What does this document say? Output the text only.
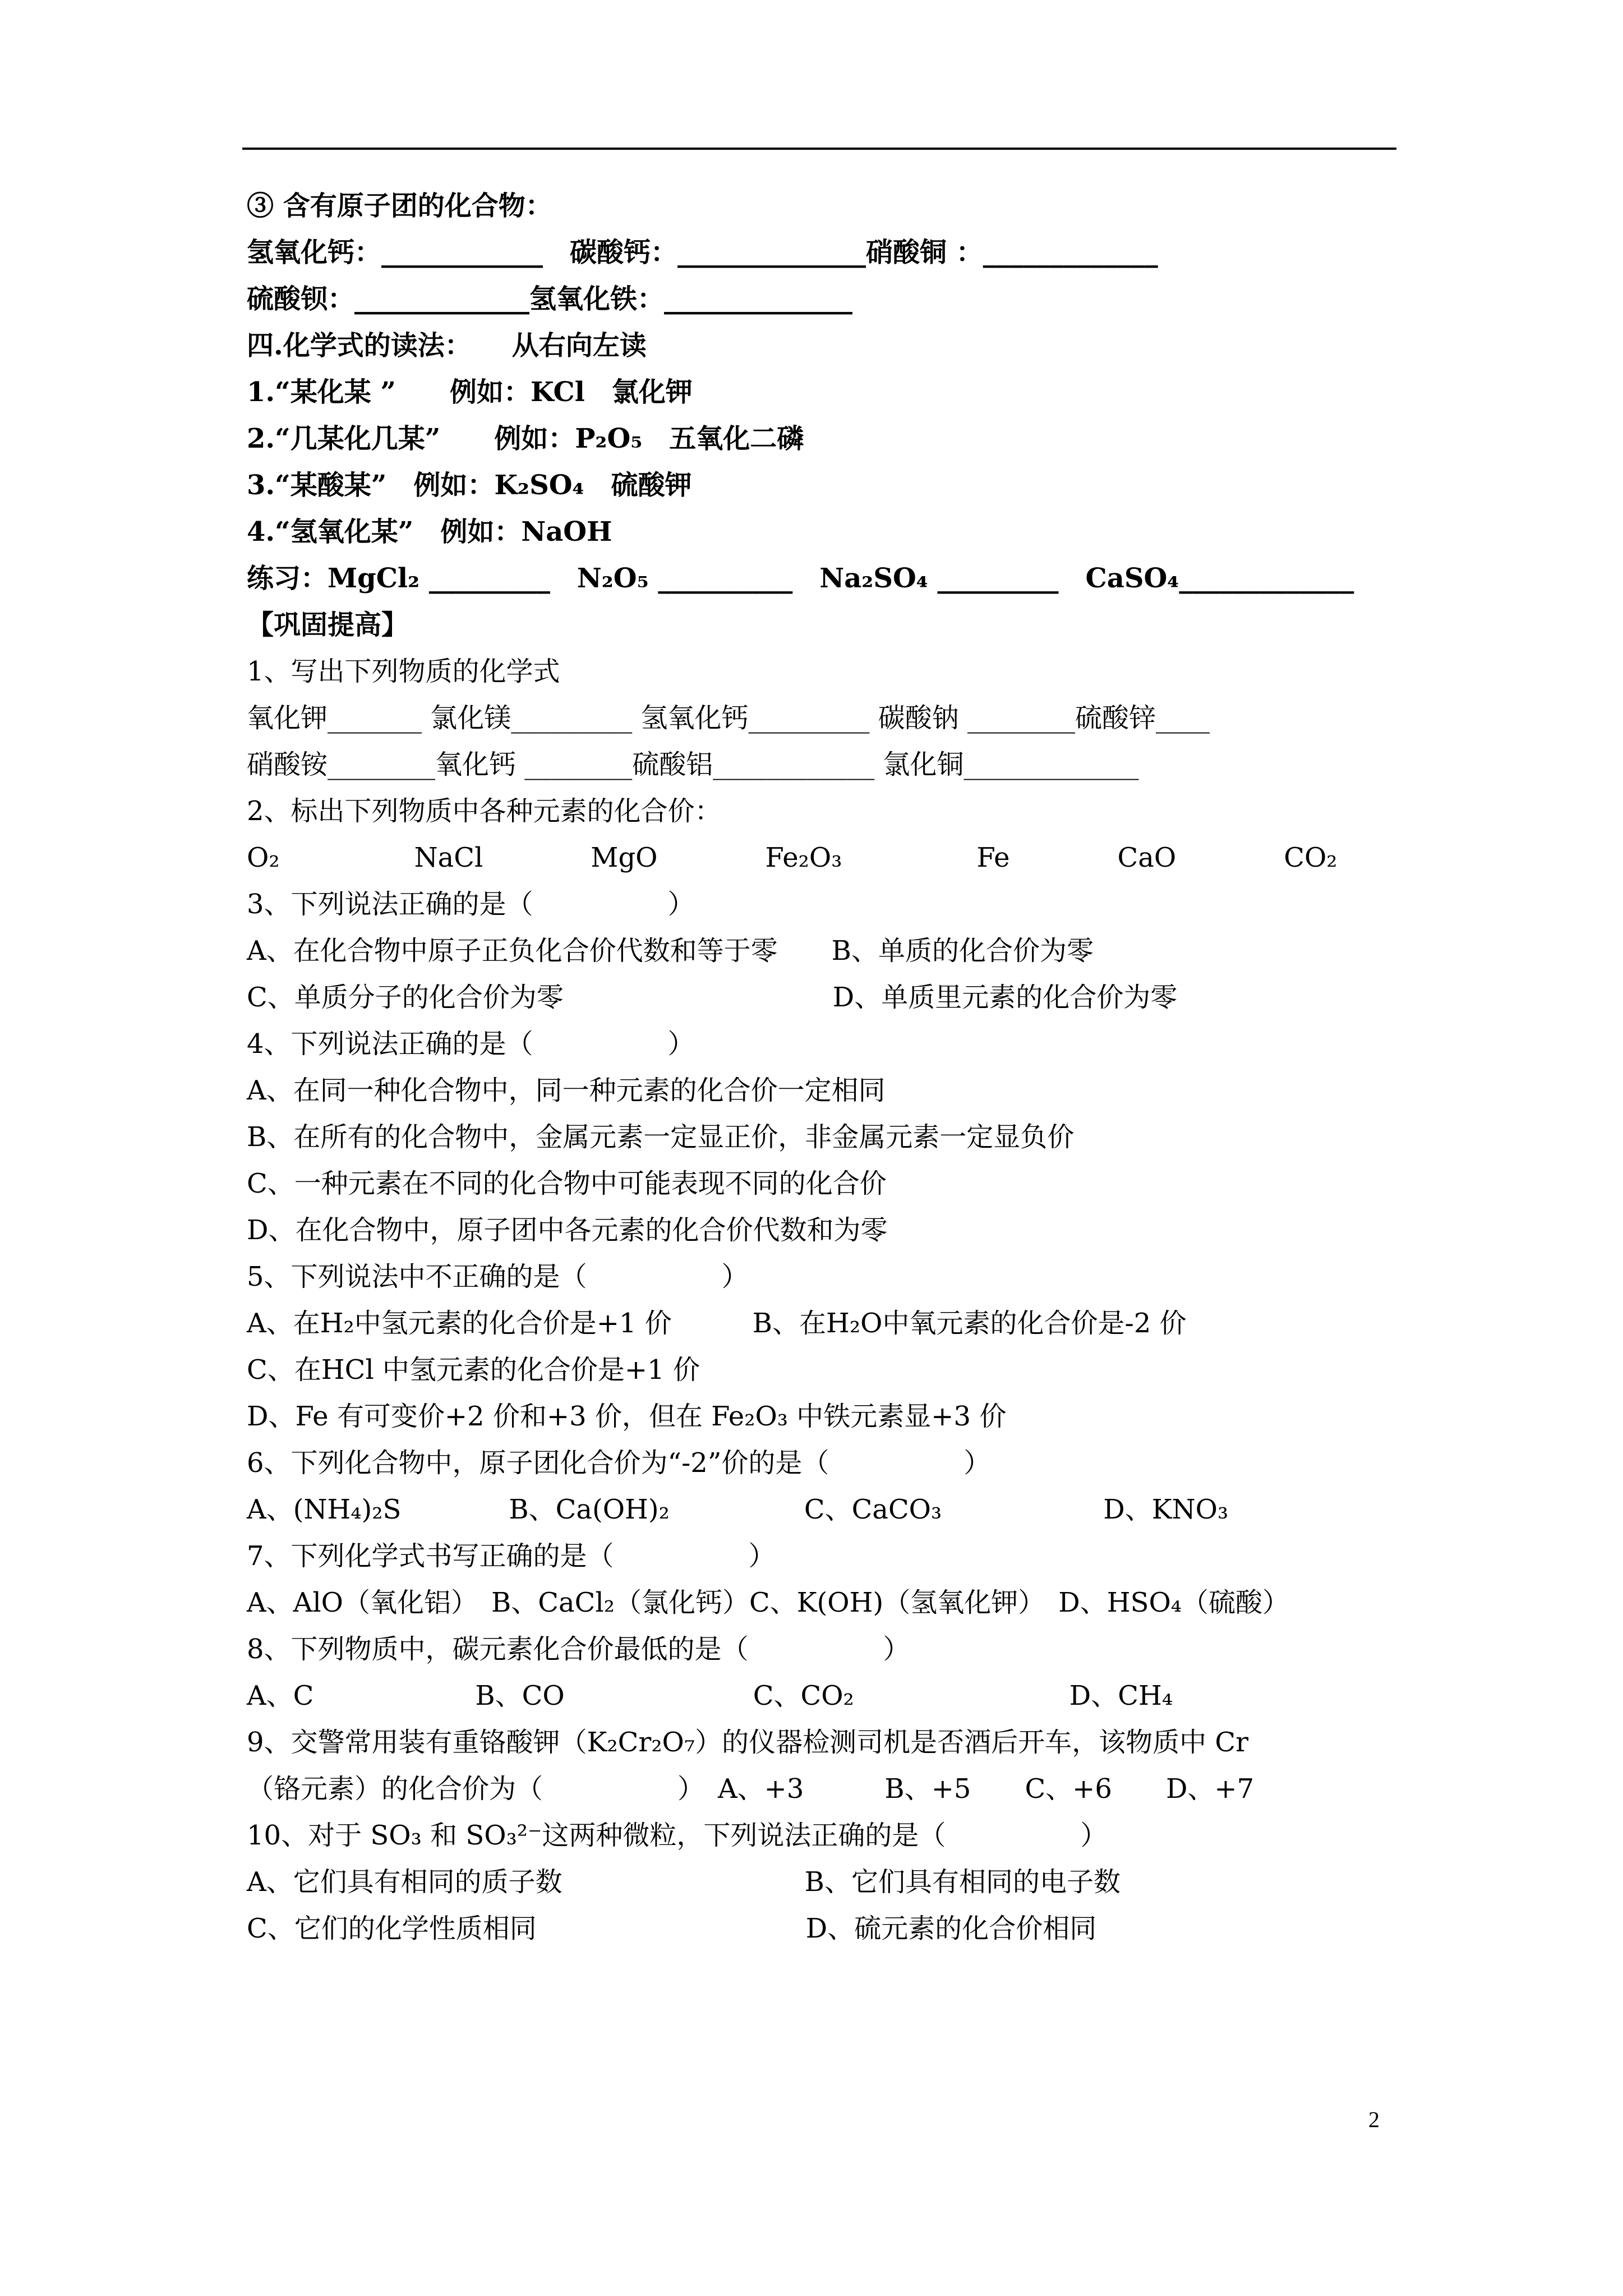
③ 含有原子团的化合物：
氢氧化钙：____________　碳酸钙：______________硝酸铜 ：_____________
硫酸钡：_____________氢氧化铁：______________
四.化学式的读法：　　从右向左读
1.“某化某 ”　　例如：KCl　氯化钾
2.“几某化几某”　　例如：P₂O₅　五氧化二磷
3.“某酸某”　例如：K₂SO₄　硫酸钾
4.“氢氧化某”　例如：NaOH
练习：MgCl₂ _________　N₂O₅ __________　Na₂SO₄ _________　CaSO₄_____________
【巩固提高】
1、写出下列物质的化学式
氧化钾_______ 氯化镁_________ 氢氧化钙_________ 碳酸钠 ________硫酸锌____
硝酸铵________氧化钙 ________硫酸铝____________ 氯化铜_____________
2、标出下列物质中各种元素的化合价：
O₂　　　　　NaCl　　　　MgO　　　　Fe₂O₃　　　　　Fe　　　　CaO　　　　CO₂
3、下列说法正确的是（　　　　　）
A、在化合物中原子正负化合价代数和等于零　　B、单质的化合价为零
C、单质分子的化合价为零　　　　　　　　　　D、单质里元素的化合价为零
4、下列说法正确的是（　　　　　）
A、在同一种化合物中，同一种元素的化合价一定相同
B、在所有的化合物中，金属元素一定显正价，非金属元素一定显负价
C、一种元素在不同的化合物中可能表现不同的化合价
D、在化合物中，原子团中各元素的化合价代数和为零
5、下列说法中不正确的是（　　　　　）
A、在H₂中氢元素的化合价是+1 价　　　B、在H₂O中氧元素的化合价是-2 价
C、在HCl 中氢元素的化合价是+1 价
D、Fe 有可变价+2 价和+3 价，但在 Fe₂O₃ 中铁元素显+3 价
6、下列化合物中，原子团化合价为“-2”价的是（　　　　　）
A、(NH₄)₂S　　　　B、Ca(OH)₂　　　　　C、CaCO₃　　　　　　D、KNO₃
7、下列化学式书写正确的是（　　　　　）
A、AlO（氧化铝）　B、CaCl₂（氯化钙）C、K(OH)（氢氧化钾）　D、HSO₄（硫酸）
8、下列物质中，碳元素化合价最低的是（　　　　　）
A、C　　　　　　B、CO　　　　　　　C、CO₂　　　　　　　　D、CH₄
9、交警常用装有重铬酸钾（K₂Cr₂O₇）的仪器检测司机是否酒后开车，该物质中 Cr
（铬元素）的化合价为（　　　　　）　A、+3　　　B、+5　　C、+6　　D、+7
10、对于 SO₃ 和 SO₃²⁻这两种微粒，下列说法正确的是（　　　　　）
A、它们具有相同的质子数　　　　　　　　　B、它们具有相同的电子数
C、它们的化学性质相同　　　　　　　　　　D、硫元素的化合价相同
2
